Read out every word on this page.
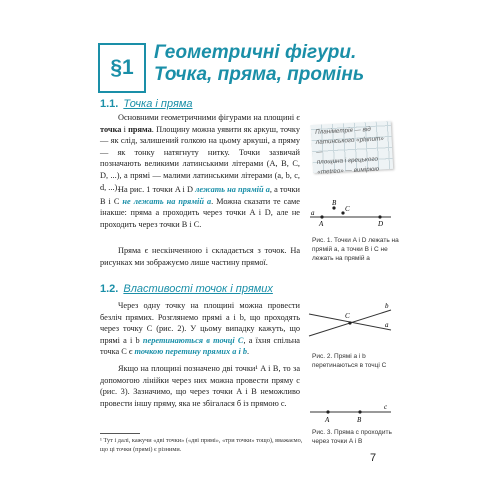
§1
Геометричні фігури.
Точка, пряма, промінь
1.1. Точка і пряма
Основними геометричними фігурами на площині є точка і пряма. Площину можна уявити як аркуш, точку — як слід, залишений голкою на цьому аркуші, а пряму — як тонку натягнуту нитку. Точки зазвичай позначають великими латинськими літерами (A, B, C, D, ...), а прямі — малими латинськими літерами (a, b, c, d, ...).
На рис. 1 точки A і D лежать на прямій a, а точки B і C не лежать на прямій a. Можна сказати те саме інакше: пряма a проходить через точки A і D, але не проходить через точки B і C.
Пряма є нескінченною і складається з точок. На рисунках ми зображуємо лише частину прямої.
1.2. Властивості точок і прямих
Через одну точку на площині можна провести безліч прямих. Розглянемо прямі a і b, що проходять через точку C (рис. 2). У цьому випадку кажуть, що прямі a і b перетинаються в точці C, а їхня спільна точка C є точкою перетину прямих a і b.
Якщо на площині позначено дві точки¹ A і B, то за допомогою лінійки через них можна провести пряму c (рис. 3). Зазначимо, що через точки A і B неможливо провести іншу пряму, яка не збігалася б із прямою c.
Планіметрія — від латинського «planum» —
площина і грецького
«metreo» — вимірюю
a
A
B
C
D
Рис. 1. Точки A і D лежать на прямій a, а точки B і C не лежать на прямій a
C
b
a
Рис. 2. Прямі a і b перетинаються в точці C
A	B
c
Рис. 3. Пряма c проходить через точки A і B
¹ Тут і далі, кажучи «дві точки» («дві прямі», «три точки» тощо), вважаємо, що ці точки (прямі) є різними.
7
